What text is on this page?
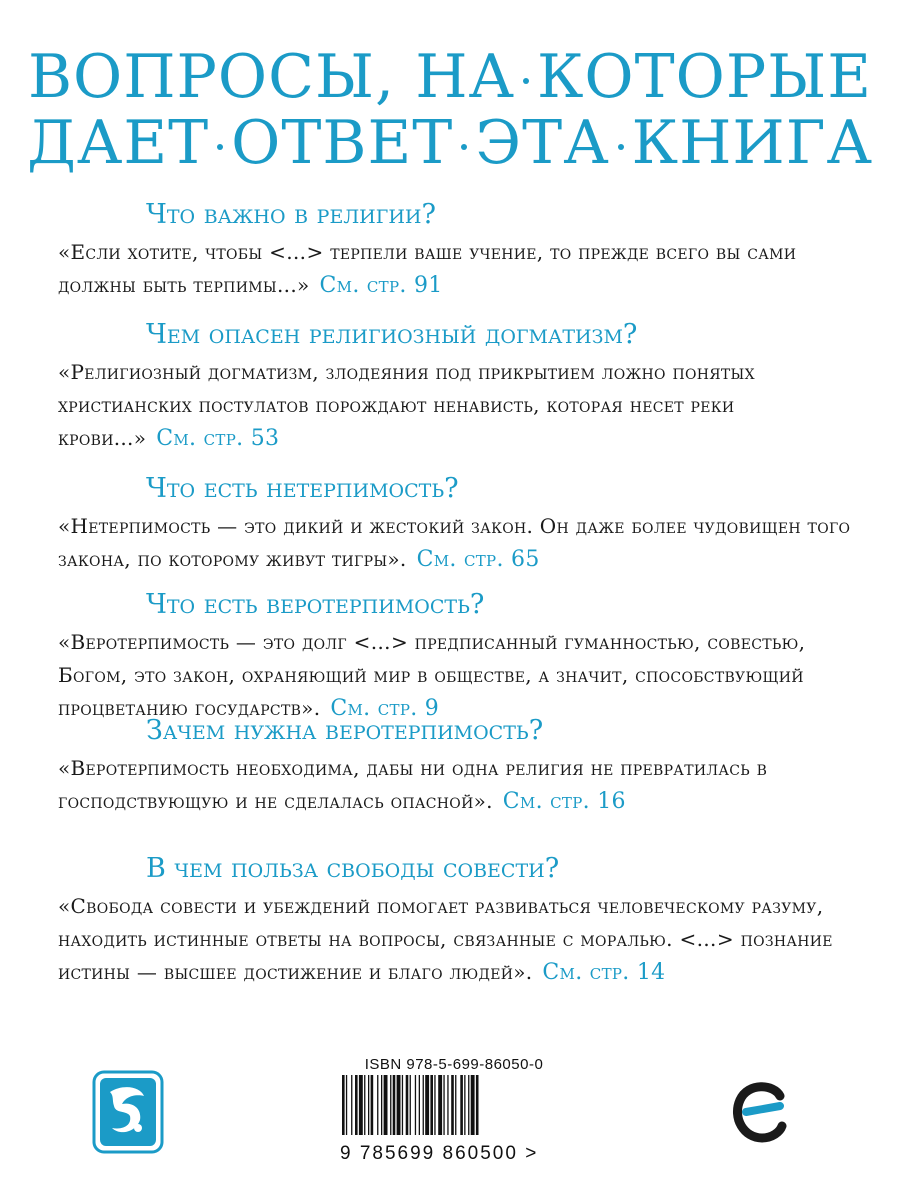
ВОПРОСЫ, НА КОТОРЫЕ
ДАЕТ ОТВЕТ ЭТА КНИГА
Что важно в религии?
«Если хотите, чтобы <…> терпели ваше учение, то прежде всего вы сами должны быть терпимы...» См. стр. 91
Чем опасен религиозный догматизм?
«Религиозный догматизм, злодеяния под прикрытием ложно понятых христианских постулатов порождают ненависть, которая несет реки крови...» См. стр. 53
Что есть нетерпимость?
«Нетерпимость — это дикий и жестокий закон. Он даже более чудовищен того закона, по которому живут тигры». См. стр. 65
Что есть веротерпимость?
«Веротерпимость — это долг <…> предписанный гуманностью, совестью, Богом, это закон, охраняющий мир в обществе, а значит, способствующий процветанию государств». См. стр. 9
Зачем нужна веротерпимость?
«Веротерпимость необходима, дабы ни одна религия не превратилась в господствующую и не сделалась опасной». См. стр. 16
В чем польза свободы совести?
«Свобода совести и убеждений помогает развиваться человеческому разуму, находить истинные ответы на вопросы, связанные с моралью. <…> познание истины — высшее достижение и благо людей». См. стр. 14
ISBN 978-5-699-86050-0
9 785699 860500 >
